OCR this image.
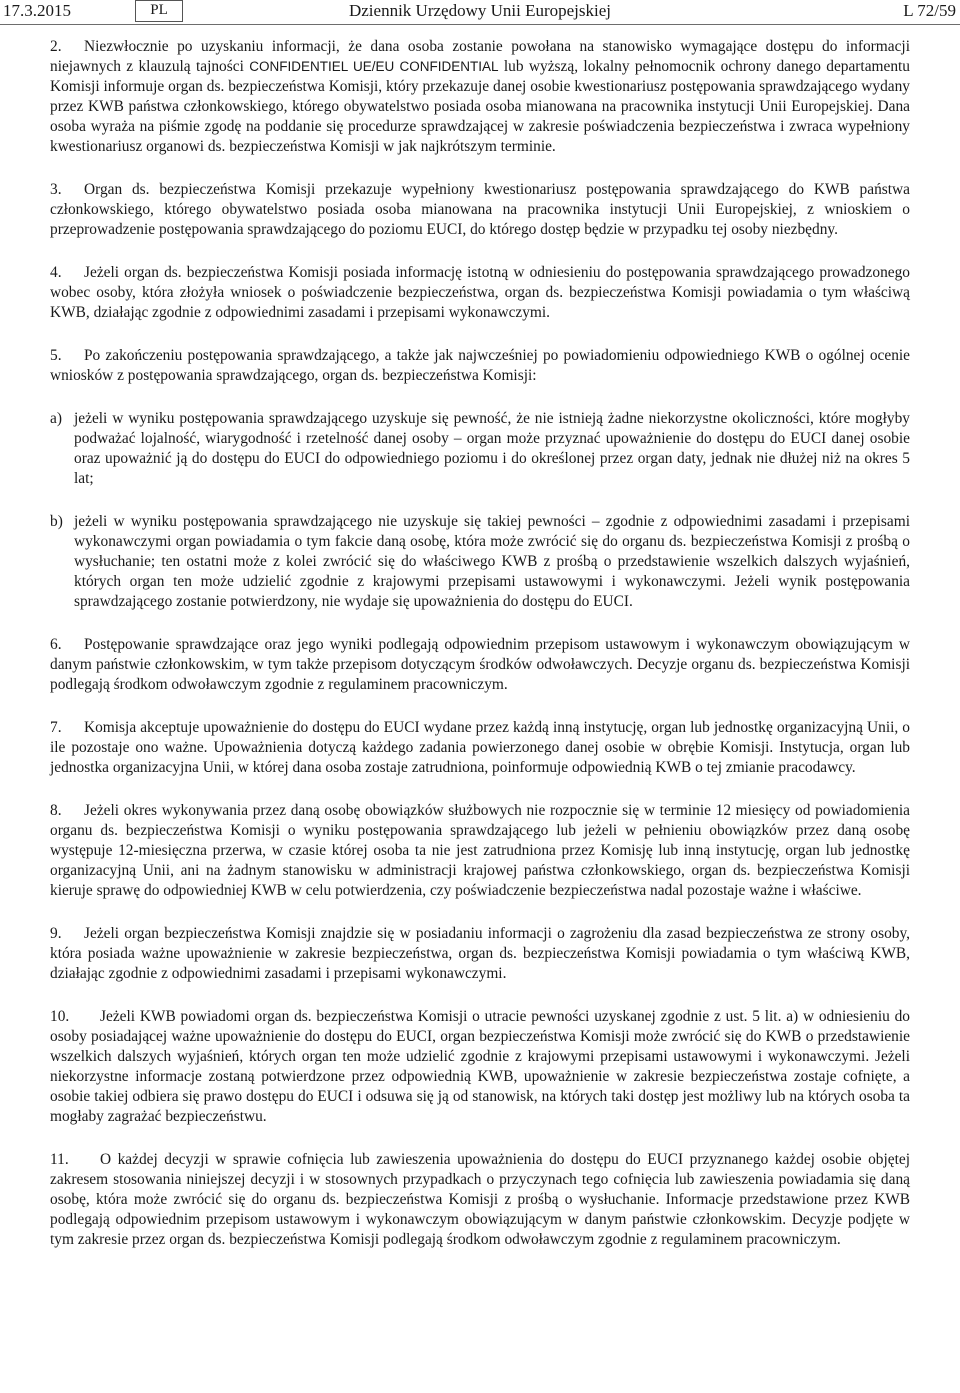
17.3.2015	Dziennik Urzędowy Unii Europejskiej
PL	L 72/59

2. Niezwłocznie po uzyskaniu informacji, że dana osoba zostanie powołana na stanowisko wymagające dostępu do informacji niejawnych z klauzulą tajności CONFIDENTIEL UE/EU CONFIDENTIAL lub wyższą, lokalny pełnomocnik ochrony danego departamentu Komisji informuje organ ds. bezpieczeństwa Komisji, który przekazuje danej osobie kwestionariusz postępowania sprawdzającego wydany przez KWB państwa członkowskiego, którego obywatelstwo posiada osoba mianowana na pracownika instytucji Unii Europejskiej. Dana osoba wyraża na piśmie zgodę na poddanie się procedurze sprawdzającej w zakresie poświadczenia bezpieczeństwa i zwraca wypełniony kwestionariusz organowi ds. bezpieczeństwa Komisji w jak najkrótszym terminie.

3. Organ ds. bezpieczeństwa Komisji przekazuje wypełniony kwestionariusz postępowania sprawdzającego do KWB państwa członkowskiego, którego obywatelstwo posiada osoba mianowana na pracownika instytucji Unii Europejskiej, z wnioskiem o przeprowadzenie postępowania sprawdzającego do poziomu EUCI, do którego dostęp będzie w przypadku tej osoby niezbędny.

4. Jeżeli organ ds. bezpieczeństwa Komisji posiada informację istotną w odniesieniu do postępowania sprawdzającego prowadzonego wobec osoby, która złożyła wniosek o poświadczenie bezpieczeństwa, organ ds. bezpieczeństwa Komisji powiadamia o tym właściwą KWB, działając zgodnie z odpowiednimi zasadami i przepisami wykonawczymi.

5. Po zakończeniu postępowania sprawdzającego, a także jak najwcześniej po powiadomieniu odpowiedniego KWB o ogólnej ocenie wniosków z postępowania sprawdzającego, organ ds. bezpieczeństwa Komisji:

a) jeżeli w wyniku postępowania sprawdzającego uzyskuje się pewność, że nie istnieją żadne niekorzystne okoliczności, które mogłyby podważać lojalność, wiarygodność i rzetelność danej osoby – organ może przyznać upoważnienie do dostępu do EUCI danej osobie oraz upoważnić ją do dostępu do EUCI do odpowiedniego poziomu i do określonej przez organ daty, jednak nie dłużej niż na okres 5 lat;
b) jeżeli w wyniku postępowania sprawdzającego nie uzyskuje się takiej pewności – zgodnie z odpowiednimi zasadami i przepisami wykonawczymi organ powiadamia o tym fakcie daną osobę, która może zwrócić się do organu ds. bezpieczeństwa Komisji z prośbą o wysłuchanie; ten ostatni może z kolei zwrócić się do właściwego KWB z prośbą o przedstawienie wszelkich dalszych wyjaśnień, których organ ten może udzielić zgodnie z krajowymi przepisami ustawowymi i wykonawczymi. Jeżeli wynik postępowania sprawdzającego zostanie potwierdzony, nie wydaje się upoważnienia do dostępu do EUCI.

6. Postępowanie sprawdzające oraz jego wyniki podlegają odpowiednim przepisom ustawowym i wykonawczym obowiązującym w danym państwie członkowskim, w tym także przepisom dotyczącym środków odwoławczych. Decyzje organu ds. bezpieczeństwa Komisji podlegają środkom odwoławczym zgodnie z regulaminem pracowniczym.

7. Komisja akceptuje upoważnienie do dostępu do EUCI wydane przez każdą inną instytucję, organ lub jednostkę organizacyjną Unii, o ile pozostaje ono ważne. Upoważnienia dotyczą każdego zadania powierzonego danej osobie w obrębie Komisji. Instytucja, organ lub jednostka organizacyjna Unii, w której dana osoba zostaje zatrudniona, poinformuje odpowiednią KWB o tej zmianie pracodawcy.

8. Jeżeli okres wykonywania przez daną osobę obowiązków służbowych nie rozpocznie się w terminie 12 miesięcy od powiadomienia organu ds. bezpieczeństwa Komisji o wyniku postępowania sprawdzającego lub jeżeli w pełnieniu obowiązków przez daną osobę występuje 12-miesięczna przerwa, w czasie której osoba ta nie jest zatrudniona przez Komisję lub inną instytucję, organ lub jednostkę organizacyjną Unii, ani na żadnym stanowisku w administracji krajowej państwa członkowskiego, organ ds. bezpieczeństwa Komisji kieruje sprawę do odpowiedniej KWB w celu potwierdzenia, czy poświadczenie bezpieczeństwa nadal pozostaje ważne i właściwe.

9. Jeżeli organ bezpieczeństwa Komisji znajdzie się w posiadaniu informacji o zagrożeniu dla zasad bezpieczeństwa ze strony osoby, która posiada ważne upoważnienie w zakresie bezpieczeństwa, organ ds. bezpieczeństwa Komisji powiadamia o tym właściwą KWB, działając zgodnie z odpowiednimi zasadami i przepisami wykonawczymi.

10. Jeżeli KWB powiadomi organ ds. bezpieczeństwa Komisji o utracie pewności uzyskanej zgodnie z ust. 5 lit. a) w odniesieniu do osoby posiadającej ważne upoważnienie do dostępu do EUCI, organ bezpieczeństwa Komisji może zwrócić się do KWB o przedstawienie wszelkich dalszych wyjaśnień, których organ ten może udzielić zgodnie z krajowymi przepisami ustawowymi i wykonawczymi. Jeżeli niekorzystne informacje zostaną potwierdzone przez odpowiednią KWB, upoważnienie w zakresie bezpieczeństwa zostaje cofnięte, a osobie takiej odbiera się prawo dostępu do EUCI i odsuwa się ją od stanowisk, na których taki dostęp jest możliwy lub na których osoba ta mogłaby zagrażać bezpieczeństwu.

11. O każdej decyzji w sprawie cofnięcia lub zawieszenia upoważnienia do dostępu do EUCI przyznanego każdej osobie objętej zakresem stosowania niniejszej decyzji i w stosownych przypadkach o przyczynach tego cofnięcia lub zawieszenia powiadamia się daną osobę, która może zwrócić się do organu ds. bezpieczeństwa Komisji z prośbą o wysłuchanie. Informacje przedstawione przez KWB podlegają odpowiednim przepisom ustawowym i wykonawczym obowiązującym w danym państwie członkowskim. Decyzje podjęte w tym zakresie przez organ ds. bezpieczeństwa Komisji podlegają środkom odwoławczym zgodnie z regulaminem pracowniczym.
